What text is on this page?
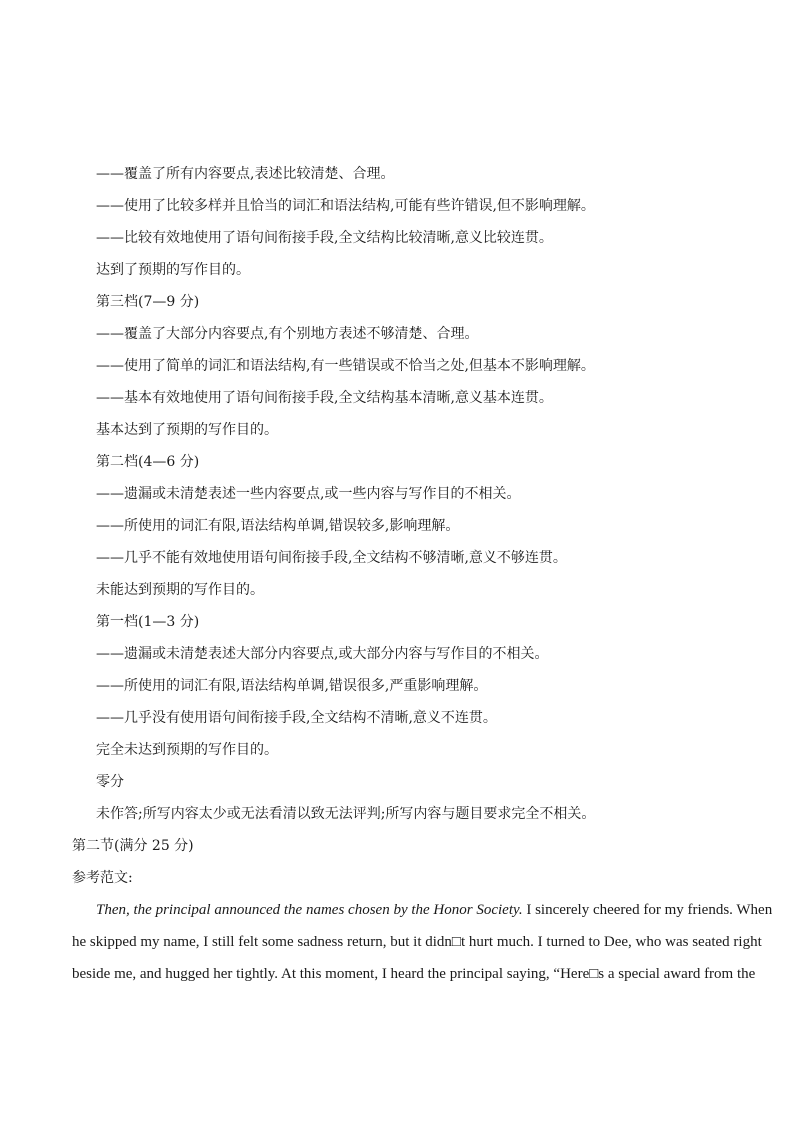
——覆盖了所有内容要点,表述比较清楚、合理。
——使用了比较多样并且恰当的词汇和语法结构,可能有些许错误,但不影响理解。
——比较有效地使用了语句间衔接手段,全文结构比较清晰,意义比较连贯。
达到了预期的写作目的。
第三档(7—9 分)
——覆盖了大部分内容要点,有个别地方表述不够清楚、合理。
——使用了简单的词汇和语法结构,有一些错误或不恰当之处,但基本不影响理解。
——基本有效地使用了语句间衔接手段,全文结构基本清晰,意义基本连贯。
基本达到了预期的写作目的。
第二档(4—6 分)
——遗漏或未清楚表述一些内容要点,或一些内容与写作目的不相关。
——所使用的词汇有限,语法结构单调,错误较多,影响理解。
——几乎不能有效地使用语句间衔接手段,全文结构不够清晰,意义不够连贯。
未能达到预期的写作目的。
第一档(1—3 分)
——遗漏或未清楚表述大部分内容要点,或大部分内容与写作目的不相关。
——所使用的词汇有限,语法结构单调,错误很多,严重影响理解。
——几乎没有使用语句间衔接手段,全文结构不清晰,意义不连贯。
完全未达到预期的写作目的。
零分
未作答;所写内容太少或无法看清以致无法评判;所写内容与题目要求完全不相关。
第二节(满分 25 分)
参考范文:
Then, the principal announced the names chosen by the Honor Society. I sincerely cheered for my friends. When
he skipped my name, I still felt some sadness return, but it didn□t hurt much. I turned to Dee, who was seated right
beside me, and hugged her tightly. At this moment, I heard the principal saying, “Here□s a special award from the
